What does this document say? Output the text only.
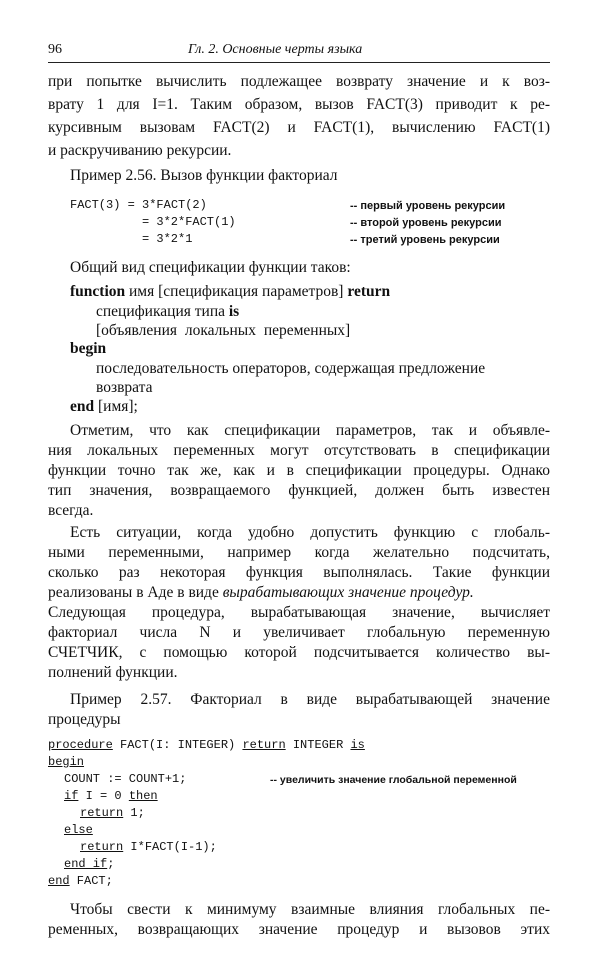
96	Гл. 2. Основные черты языка
при попытке вычислить подлежащее возврату значение и к воз-
врату 1 для I=1. Таким образом, вызов FACT(3) приводит к ре-
курсивным вызовам FACT(2) и FACT(1), вычислению FACT(1)
и раскручиванию рекурсии.
Пример 2.56. Вызов функции факториал
FACT(3) = 3*FACT(2)
= 3*2*FACT(1)
= 3*2*1
-- первый уровень рекурсии
-- второй уровень рекурсии
-- третий уровень рекурсии
Общий вид спецификации функции таков:
function имя [спецификация параметров] return
спецификация типа is
[объявления локальных переменных]
begin
последовательность операторов, содержащая предложение
возврата
end [имя];
Отметим, что как спецификации параметров, так и объявле-
ния локальных переменных могут отсутствовать в спецификации
функции точно так же, как и в спецификации процедуры. Однако
тип значения, возвращаемого функцией, должен быть известен
всегда.
Есть ситуации, когда удобно допустить функцию с глобаль-
ными переменными, например когда желательно подсчитать,
сколько раз некоторая функция выполнялась. Такие функции
реализованы в Аде в виде вырабатывающих значение процедур.
Следующая процедура, вырабатывающая значение, вычисляет
факториал числа N и увеличивает глобальную переменную
СЧЕТЧИК, с помощью которой подсчитывается количество вы-
полнений функции.
Пример 2.57. Факториал в виде вырабатывающей значение
процедуры
procedure FACT(I: INTEGER) return INTEGER is
begin
COUNT := COUNT+1;	-- увеличить значение глобальной переменной
if I = 0 then
return 1;
else
return I*FACT(I-1);
end if;
end FACT;
Чтобы свести к минимуму взаимные влияния глобальных пе-
ременных, возвращающих значение процедур и вызовов этих
